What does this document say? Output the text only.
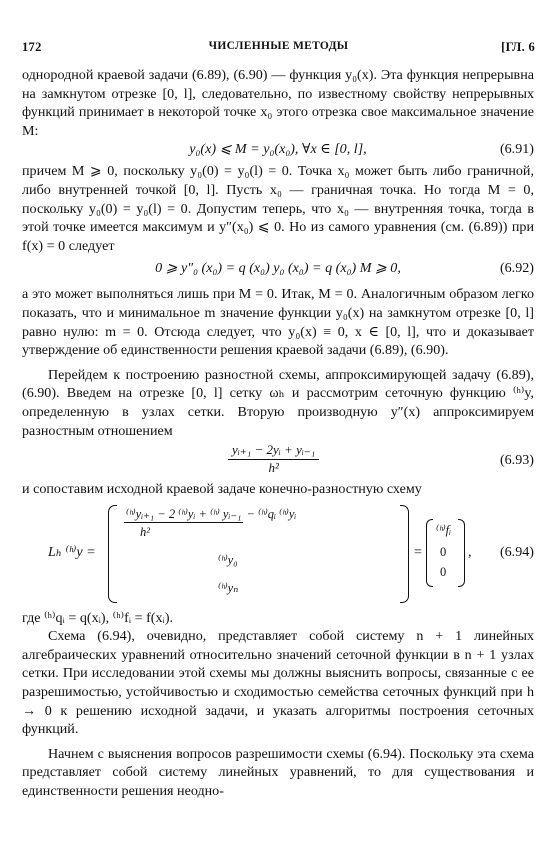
172	ЧИСЛЕННЫЕ МЕТОДЫ	[ГЛ. 6

однородной краевой задачи (6.89), (6.90) — функция y₀(x). Эта функция непрерывна на замкнутом отрезке [0, l], следовательно, по известному свойству непрерывных функций принимает в некоторой точке x₀ этого отрезка свое максимальное значение M:

y₀(x) ⩽ M = y₀(x₀), ∀x ∈ [0, l],	(6.91)

причем M ⩾ 0, поскольку y₀(0) = y₀(l) = 0. Точка x₀ может быть либо граничной, либо внутренней точкой [0, l]. Пусть x₀ — граничная точка. Но тогда M = 0, поскольку y₀(0) = y₀(l) = 0. Допустим теперь, что x₀ — внутренняя точка, тогда в этой точке имеется максимум и y″(x₀) ⩽ 0. Но из самого уравнения (см. (6.89)) при f(x) = 0 следует

0 ⩾ y″₀ (x₀) = q (x₀) y₀ (x₀) = q (x₀) M ⩾ 0,	(6.92)

а это может выполняться лишь при M = 0. Итак, M = 0. Аналогичным образом легко показать, что и минимальное m значение функции y₀(x) на замкнутом отрезке [0, l] равно нулю: m = 0. Отсюда следует, что y₀(x) ≡ 0, x ∈ [0, l], что и доказывает утверждение об единственности решения краевой задачи (6.89), (6.90).

Перейдем к построению разностной схемы, аппроксимирующей задачу (6.89), (6.90). Введем на отрезке [0, l] сетку ωₕ и рассмотрим сеточную функцию ⁽ʰ⁾y, определенную в узлах сетки. Вторую производную y″(x) аппроксимируем разностным отношением

$\frac{\text{yᵢ₊₁ − 2yᵢ + yᵢ₋₁}}{\text{h²}}$	(6.93)

и сопоставим исходной краевой задаче конечно-разностную схему

Lₕ ⁽ʰ⁾y =
⁽ʰ⁾yᵢ₊₁ − 2 ⁽ʰ⁾yᵢ + ⁽ʰ⁾ yᵢ₋₁ − ⁽ʰ⁾qᵢ ⁽ʰ⁾yᵢ
h²
⁽ʰ⁾y₀
⁽ʰ⁾yₙ
=
⁽ʰ⁾fᵢ
0
0
, (6.94)

где ⁽ʰ⁾qᵢ = q(xᵢ), ⁽ʰ⁾fᵢ = f(xᵢ).

Схема (6.94), очевидно, представляет собой систему n + 1 линейных алгебраических уравнений относительно значений сеточной функции в n + 1 узлах сетки. При исследовании этой схемы мы должны выяснить вопросы, связанные с ее разрешимостью, устойчивостью и сходимостью семейства сеточных функций при h → 0 к решению исходной задачи, и указать алгоритмы построения сеточных функций.

Начнем с выяснения вопросов разрешимости схемы (6.94). Поскольку эта схема представляет собой систему линейных уравнений, то для существования и единственности решения неодно-
